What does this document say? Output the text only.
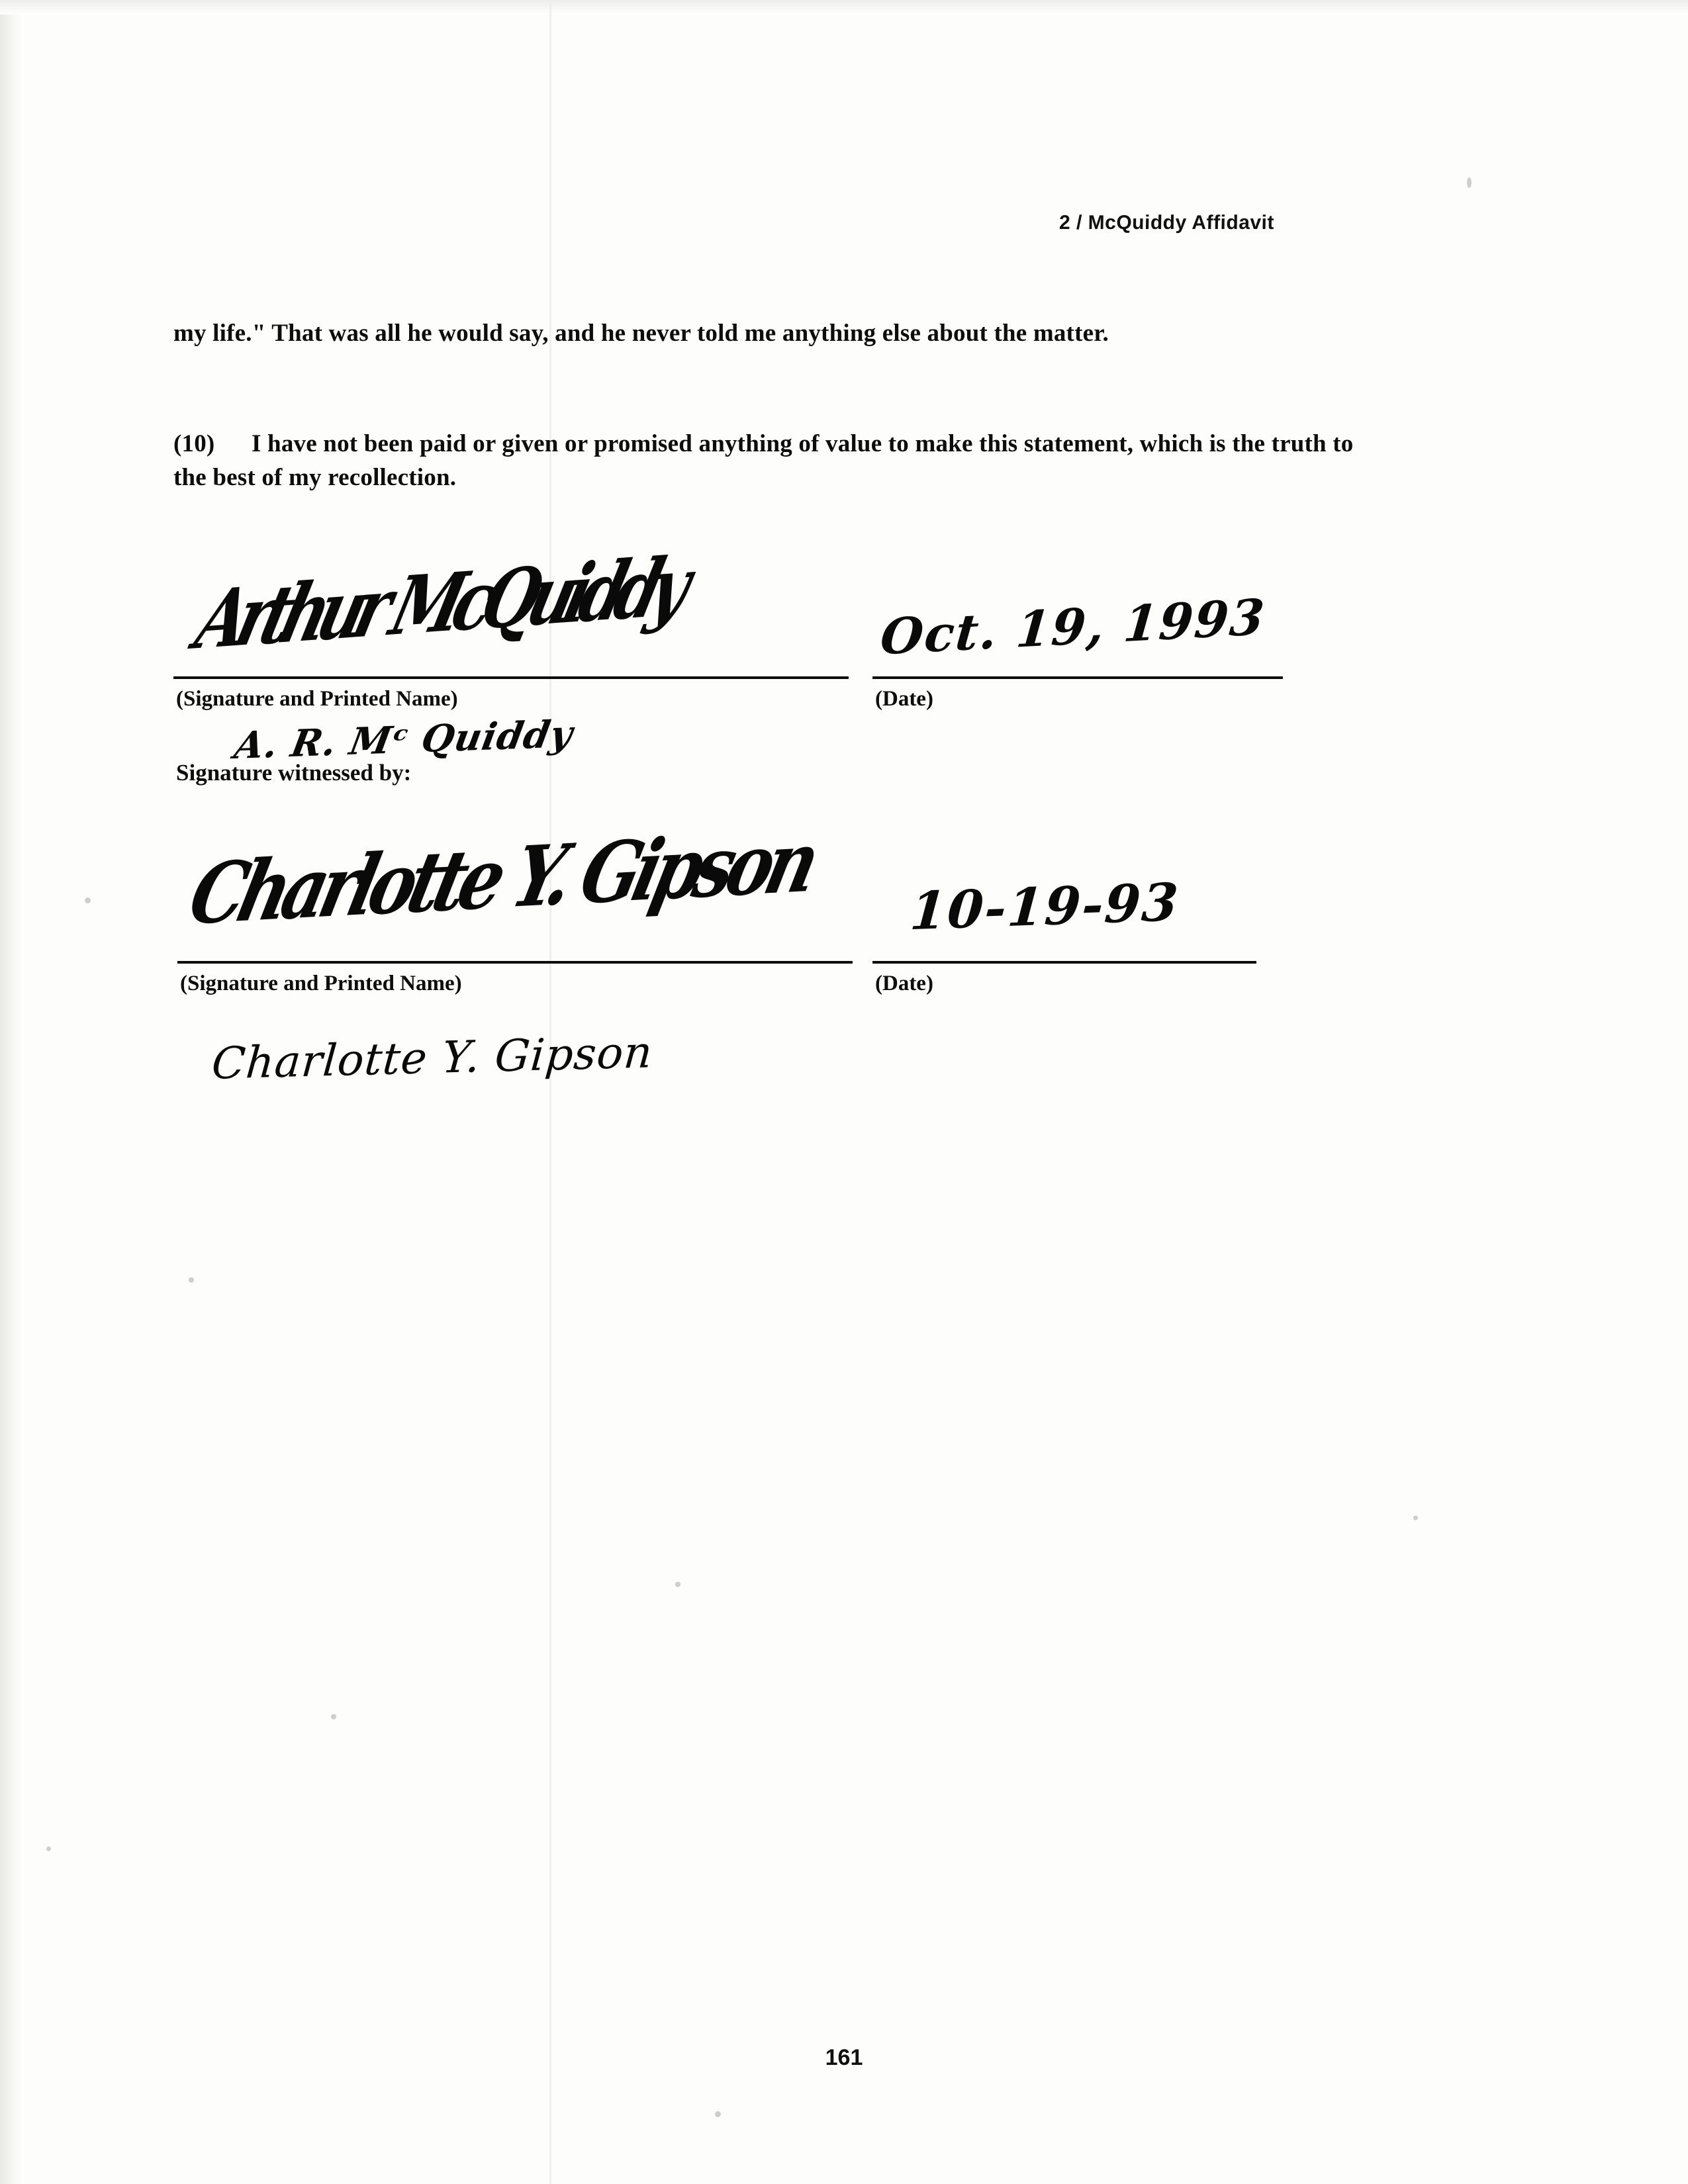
2 / McQuiddy Affidavit
my life." That was all he would say, and he never told me anything else about the matter.
(10) I have not been paid or given or promised anything of value to make this statement, which is the truth to the best of my recollection.
Arthur McQuiddy
(Signature and Printed Name)
Oct. 19, 1993
(Date)
A. R. Mᶜ Quiddy
Signature witnessed by:
Charlotte Y. Gipson
(Signature and Printed Name)
10-19-93
(Date)
Charlotte Y. Gipson
161
